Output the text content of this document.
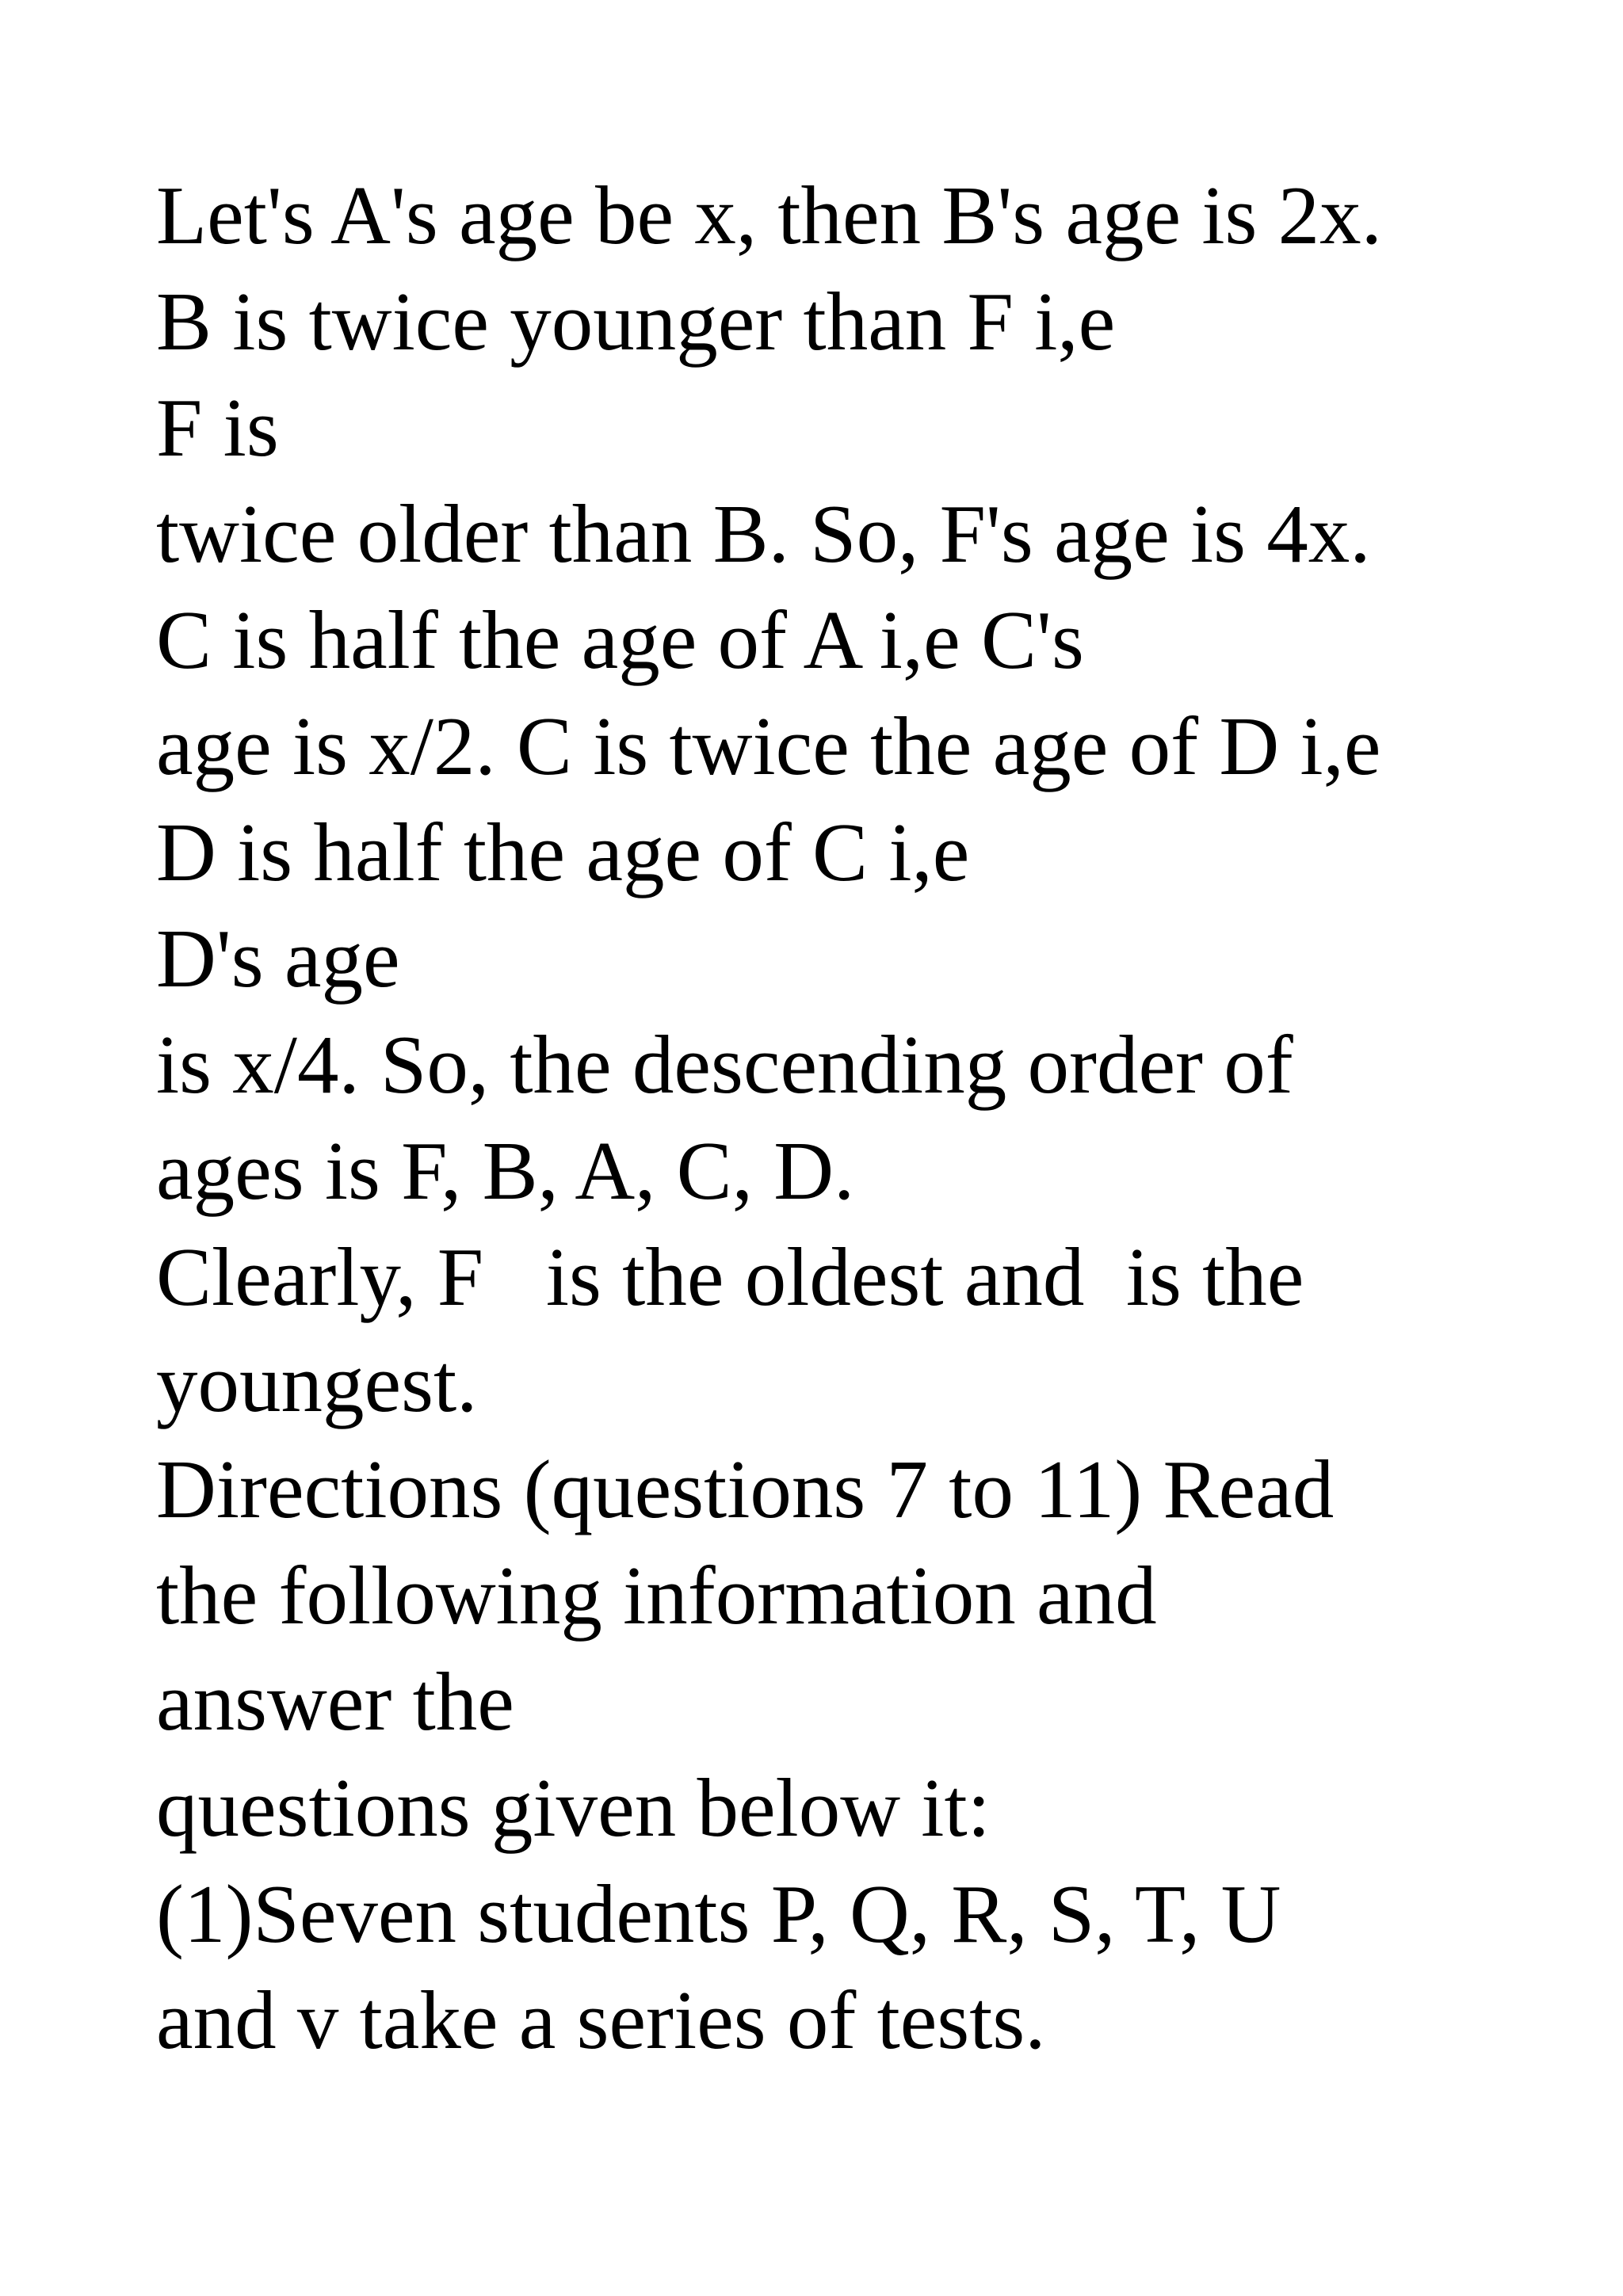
Let's A's age be x, then B's age is 2x.
B is twice younger than F i,e
F is
twice older than B. So, F's age is 4x.
C is half the age of A i,e C's
age is x/2. C is twice the age of D i,e
D is half the age of C i,e
D's age
is x/4. So, the descending order of
ages is F, B, A, C, D.
Clearly, F   is the oldest and  is the
youngest.
Directions (questions 7 to 11) Read
the following information and
answer the
questions given below it:
(1)Seven students P, Q, R, S, T, U
and v take a series of tests.
